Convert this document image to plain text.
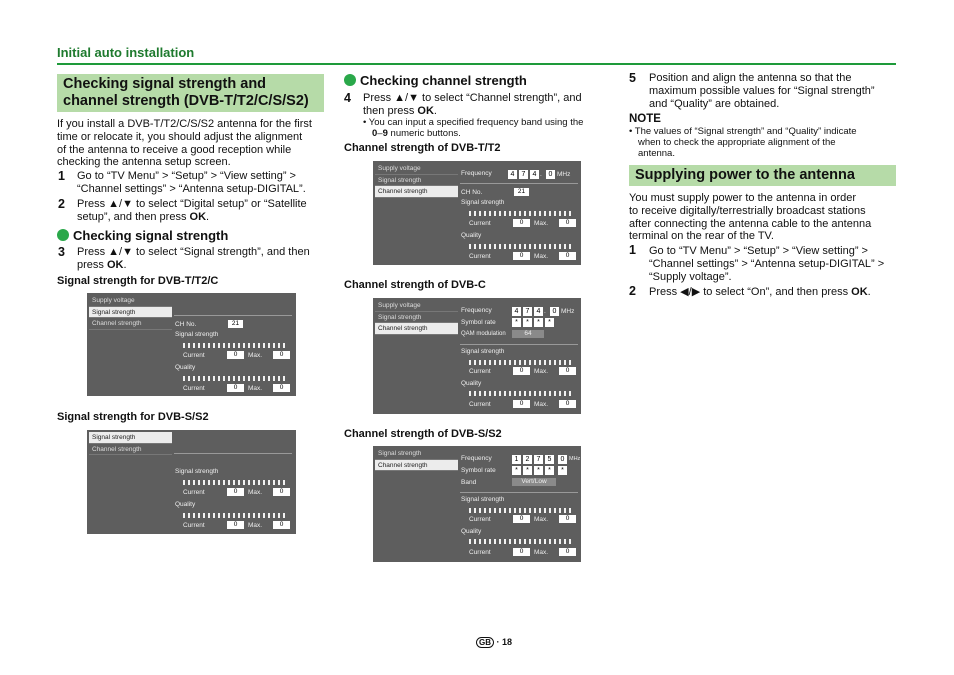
Initial auto installation
Checking signal strength and
channel strength (DVB-T/T2/C/S/S2)
If you install a DVB-T/T2/C/S/S2 antenna for the first
time or relocate it, you should adjust the alignment
of the antenna to receive a good reception while
checking the antenna setup screen.
1 Go to “TV Menu” > “Setup” > “View setting” >
“Channel settings” > “Antenna setup-DIGITAL”.
2 Press ▲/▼ to select “Digital setup” or “Satellite
setup”, and then press OK.
Checking signal strength
3 Press ▲/▼ to select “Signal strength”, and then
press OK.
Signal strength for DVB-T/T2/C
Supply voltage
Signal strength
Channel strength	CH No.	21
Signal strength
Current	0	Max.	0
Quality
Current	0	Max.	0
Signal strength for DVB-S/S2
Signal strength
Channel strength
Signal strength
Current	0	Max.	0
Quality
Current	0	Max.	0
Checking channel strength
4 Press ▲/▼ to select “Channel strength”, and
then press OK.
• You can input a specified frequency band using the
0–9 numeric buttons.
Channel strength of DVB-T/T2
Supply voltage
Signal strength
Channel strength
Frequency	4	7	4 . 0 MHz
CH No.	21
Signal strength
Current	0	Max.	0
Quality
Current	0	Max.	0
Channel strength of DVB-C
Supply voltage
Signal strength
Channel strength
Frequency	4	7	4 . 0 MHz
Symbol rate	*	*	*	*
QAM modulation	64
Signal strength
Current	0	Max.	0
Quality
Current	0	Max.	0
Channel strength of DVB-S/S2
Signal strength
Channel strength
Frequency	1	2	7	5	0 MHz
Symbol rate	*	*	*	*	*
Band	Vert/Low
Signal strength
Current	0	Max.	0
Quality
Current	0	Max.	0
5 Position and align the antenna so that the
maximum possible values for “Signal strength”
and “Quality” are obtained.
NOTE
• The values of “Signal strength” and “Quality” indicate
when to check the appropriate alignment of the
antenna.
Supplying power to the antenna
You must supply power to the antenna in order
to receive digitally/terrestrially broadcast stations
after connecting the antenna cable to the antenna
terminal on the rear of the TV.
1 Go to “TV Menu” > “Setup” > “View setting” >
“Channel settings” > “Antenna setup-DIGITAL” >
“Supply voltage”.
2 Press ◀/▶ to select “On”, and then press OK.
GB · 18
